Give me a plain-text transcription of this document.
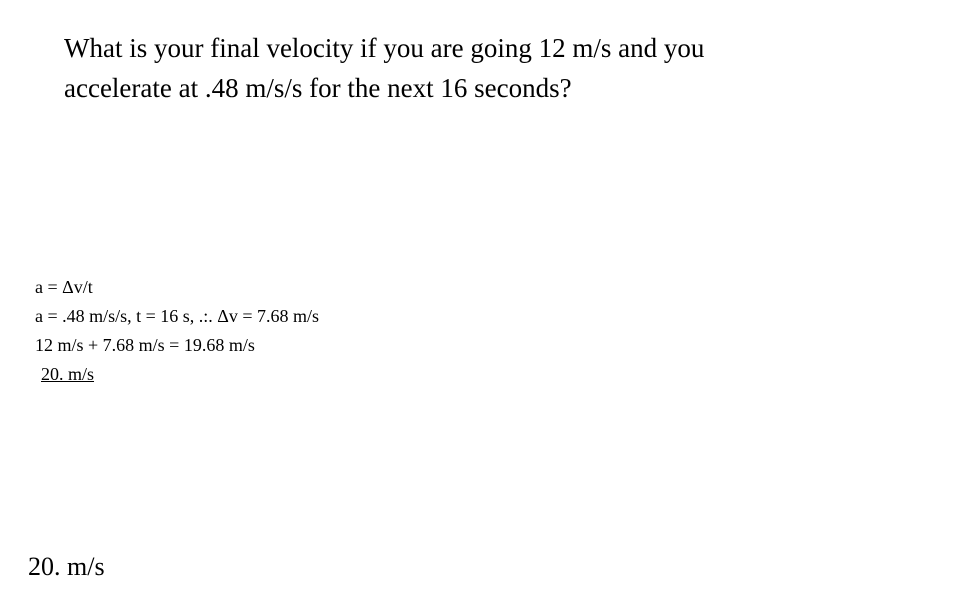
What is your final velocity if you are going 12 m/s and you
accelerate at .48 m/s/s for the next 16 seconds?
a = Δv/t
a = .48 m/s/s, t = 16 s, .:. Δv = 7.68 m/s
12 m/s + 7.68 m/s = 19.68 m/s
20. m/s
20. m/s
